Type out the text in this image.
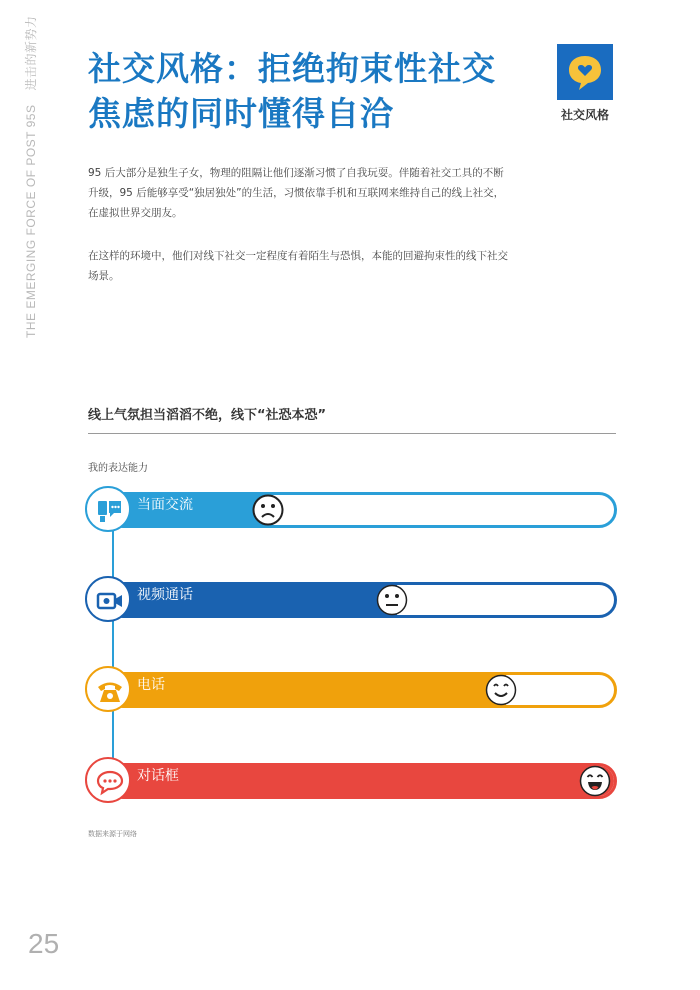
THE EMERGING FORCE OF POST 95S进击的新势力 社交风格：拒绝拘束性社交
焦虑的同时懂得自洽	社交风格

95 后大部分是独生子女，物理的阻隔让他们逐渐习惯了自我玩耍。伴随着社交工具的不断升级，95 后能够享受“独居独处”的生活，习惯依靠手机和互联网来维持自己的线上社交，在虚拟世界交朋友。

在这样的环境中，他们对线下社交一定程度有着陌生与恐惧，本能的回避拘束性的线下社交场景。

线上气氛担当滔滔不绝，线下“社恐本恐”
我的表达能力
当面交流
视频通话
电话
对话框
数据来源于网络
25
